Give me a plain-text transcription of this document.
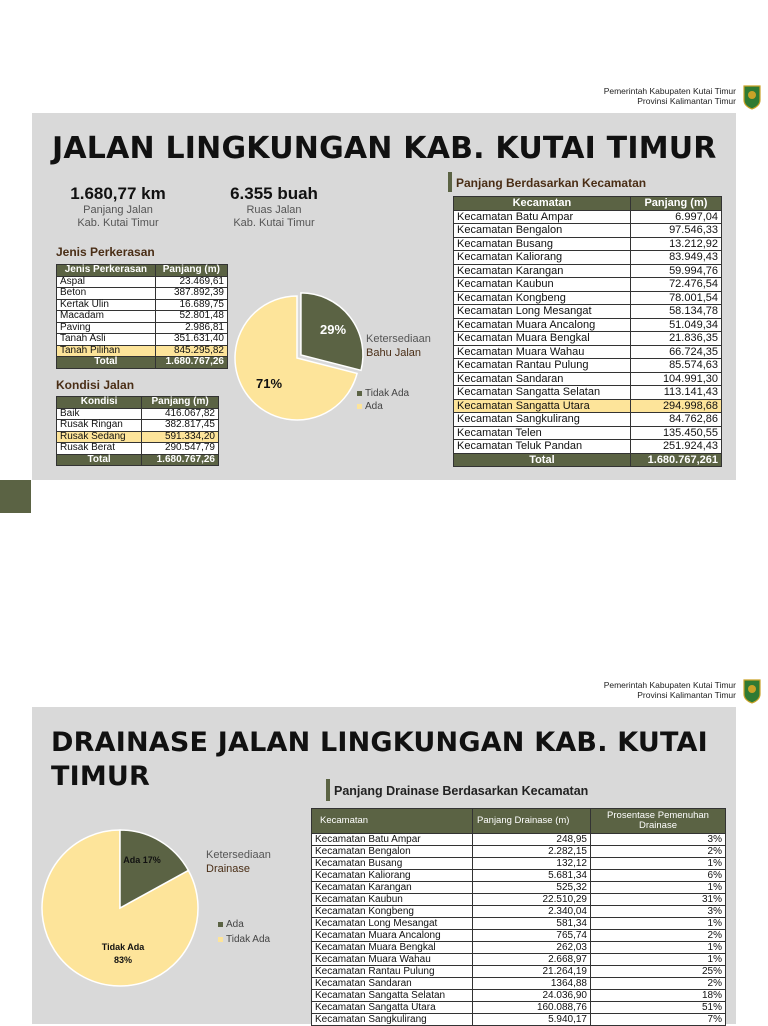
Pemerintah Kabupaten Kutai Timur
Provinsi Kalimantan Timur
JALAN LINGKUNGAN KAB. KUTAI TIMUR
1.680,77 km
Panjang Jalan
Kab. Kutai Timur
6.355 buah
Ruas Jalan
Kab. Kutai Timur
Jenis Perkerasan
Jenis Perkerasan	Panjang (m)
Aspal	23.469,61
Beton	387.892,39
Kertak Ulin	16.689,75
Macadam	52.801,48
Paving	2.986,81
Tanah Asli	351.631,40
Tanah Pilihan	845.295,82
Total	1.680.767,26
Kondisi Jalan
Kondisi	Panjang (m)
Baik	416.067,82
Rusak Ringan	382.817,45
Rusak Sedang	591.334,20
Rusak Berat	290.547,79
Total	1.680.767,26
29%
71%
Ketersediaan
Bahu Jalan
Tidak Ada
Ada
Panjang Berdasarkan Kecamatan
Kecamatan	Panjang (m)
Kecamatan Batu Ampar	6.997,04
Kecamatan Bengalon	97.546,33
Kecamatan Busang	13.212,92
Kecamatan Kaliorang	83.949,43
Kecamatan Karangan	59.994,76
Kecamatan Kaubun	72.476,54
Kecamatan Kongbeng	78.001,54
Kecamatan Long Mesangat	58.134,78
Kecamatan Muara Ancalong	51.049,34
Kecamatan Muara Bengkal	21.836,35
Kecamatan Muara Wahau	66.724,35
Kecamatan Rantau Pulung	85.574,63
Kecamatan Sandaran	104.991,30
Kecamatan Sangatta Selatan	113.141,43
Kecamatan Sangatta Utara	294.998,68
Kecamatan Sangkulirang	84.762,86
Kecamatan Telen	135.450,55
Kecamatan Teluk Pandan	251.924,43
Total	1.680.767,261
Pemerintah Kabupaten Kutai Timur
Provinsi Kalimantan Timur
DRAINASE JALAN LINGKUNGAN KAB. KUTAI
TIMUR
Ada 17%
Tidak Ada
83%
Ketersediaan
Drainase
Ada
Tidak Ada
Panjang Drainase Berdasarkan Kecamatan
Kecamatan	Panjang Drainase (m)	Prosentase Pemenuhan Drainase
Kecamatan Batu Ampar	248,95	3%
Kecamatan Bengalon	2.282,15	2%
Kecamatan Busang	132,12	1%
Kecamatan Kaliorang	5.681,34	6%
Kecamatan Karangan	525,32	1%
Kecamatan Kaubun	22.510,29	31%
Kecamatan Kongbeng	2.340,04	3%
Kecamatan Long Mesangat	581,34	1%
Kecamatan Muara Ancalong	765,74	2%
Kecamatan Muara Bengkal	262,03	1%
Kecamatan Muara Wahau	2.668,97	1%
Kecamatan Rantau Pulung	21.264,19	25%
Kecamatan Sandaran	1364,88	2%
Kecamatan Sangatta Selatan	24.036,90	18%
Kecamatan Sangatta Utara	160.088,76	51%
Kecamatan Sangkulirang	5.940,17	7%
